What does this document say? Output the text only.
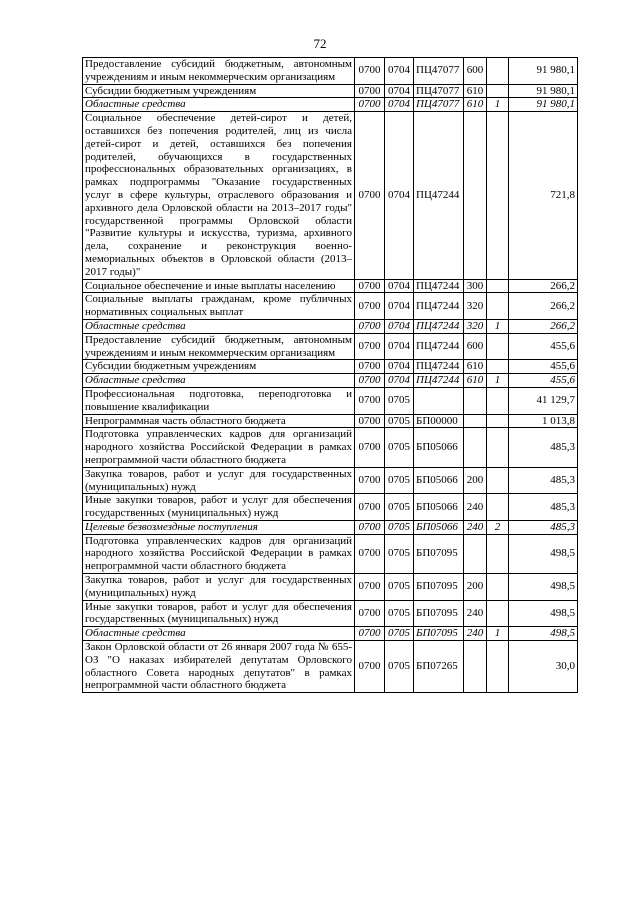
72
Предоставление субсидий бюджетным, автономным учреждениям и иным некоммерческим организациям	0700	0704	ПЦ47077	600		91 980,1
Субсидии бюджетным учреждениям	0700	0704	ПЦ47077	610		91 980,1
Областные средства	0700	0704	ПЦ47077	610	1	91 980,1
Социальное обеспечение детей-сирот и детей, оставшихся без попечения родителей, лиц из числа детей-сирот и детей, оставшихся без попечения родителей, обучающихся в государственных профессиональных образовательных организациях, в рамках подпрограммы "Оказание государственных услуг в сфере культуры, отраслевого образования и архивного дела Орловской области на 2013–2017 годы" государственной программы Орловской области "Развитие культуры и искусства, туризма, архивного дела, сохранение и реконструкция военно-мемориальных объектов в Орловской области (2013–2017 годы)"	0700	0704	ПЦ47244			721,8
Социальное обеспечение и иные выплаты населению	0700	0704	ПЦ47244	300		266,2
Социальные выплаты гражданам, кроме публичных нормативных социальных выплат	0700	0704	ПЦ47244	320		266,2
Областные средства	0700	0704	ПЦ47244	320	1	266,2
Предоставление субсидий бюджетным, автономным учреждениям и иным некоммерческим организациям	0700	0704	ПЦ47244	600		455,6
Субсидии бюджетным учреждениям	0700	0704	ПЦ47244	610		455,6
Областные средства	0700	0704	ПЦ47244	610	1	455,6
Профессиональная подготовка, переподготовка и повышение квалификации	0700	0705				41 129,7
Непрограммная часть областного бюджета	0700	0705	БП00000			1 013,8
Подготовка управленческих кадров для организаций народного хозяйства Российской Федерации в рамках непрограммной части областного бюджета	0700	0705	БП05066			485,3
Закупка товаров, работ и услуг для государственных (муниципальных) нужд	0700	0705	БП05066	200		485,3
Иные закупки товаров, работ и услуг для обеспечения государственных (муниципальных) нужд	0700	0705	БП05066	240		485,3
Целевые безвозмездные поступления	0700	0705	БП05066	240	2	485,3
Подготовка управленческих кадров для организаций народного хозяйства Российской Федерации в рамках непрограммной части областного бюджета	0700	0705	БП07095			498,5
Закупка товаров, работ и услуг для государственных (муниципальных) нужд	0700	0705	БП07095	200		498,5
Иные закупки товаров, работ и услуг для обеспечения государственных (муниципальных) нужд	0700	0705	БП07095	240		498,5
Областные средства	0700	0705	БП07095	240	1	498,5
Закон Орловской области от 26 января 2007 года № 655-ОЗ "О наказах избирателей депутатам Орловского областного Совета народных депутатов" в рамках непрограммной части областного бюджета	0700	0705	БП07265			30,0
